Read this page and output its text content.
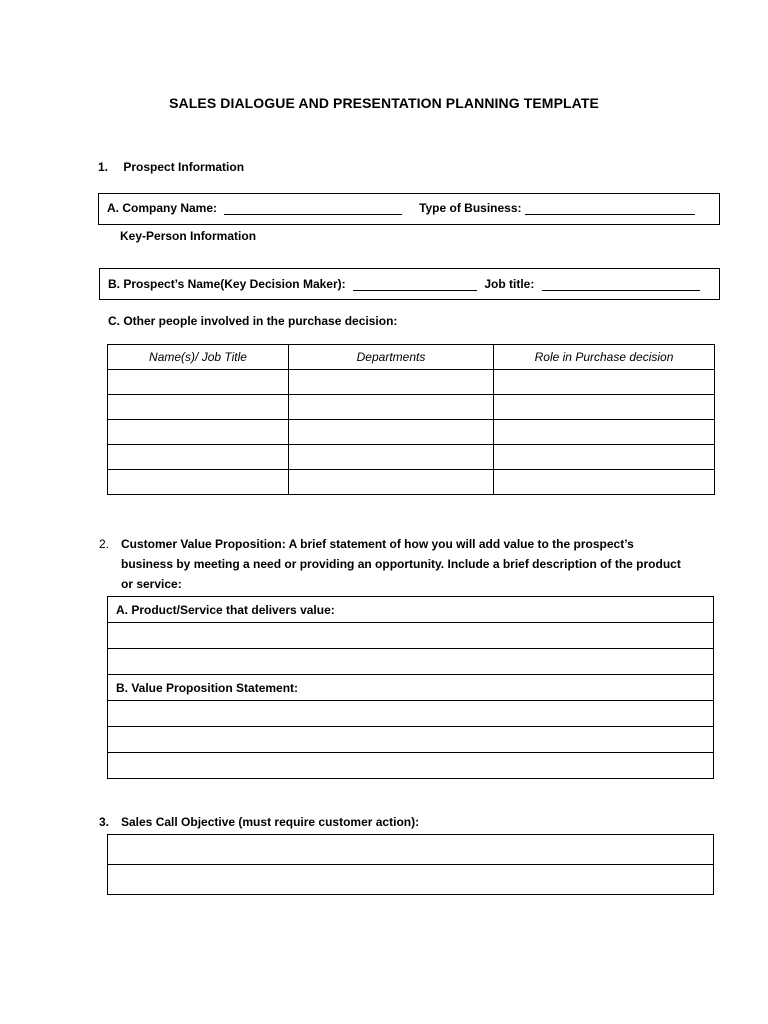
SALES DIALOGUE AND PRESENTATION PLANNING TEMPLATE
1. Prospect Information
A. Company Name:	Type of Business:
Key-Person Information
B. Prospect’s Name(Key Decision Maker):	Job title:
C. Other people involved in the purchase decision:
Name(s)/ Job Title	Departments	Role in Purchase decision

2. Customer Value Proposition: A brief statement of how you will add value to the prospect’s
business by meeting a need or providing an opportunity. Include a brief description of the product
or service:
A. Product/Service that delivers value:

B. Value Proposition Statement:

3. Sales Call Objective (must require customer action):
